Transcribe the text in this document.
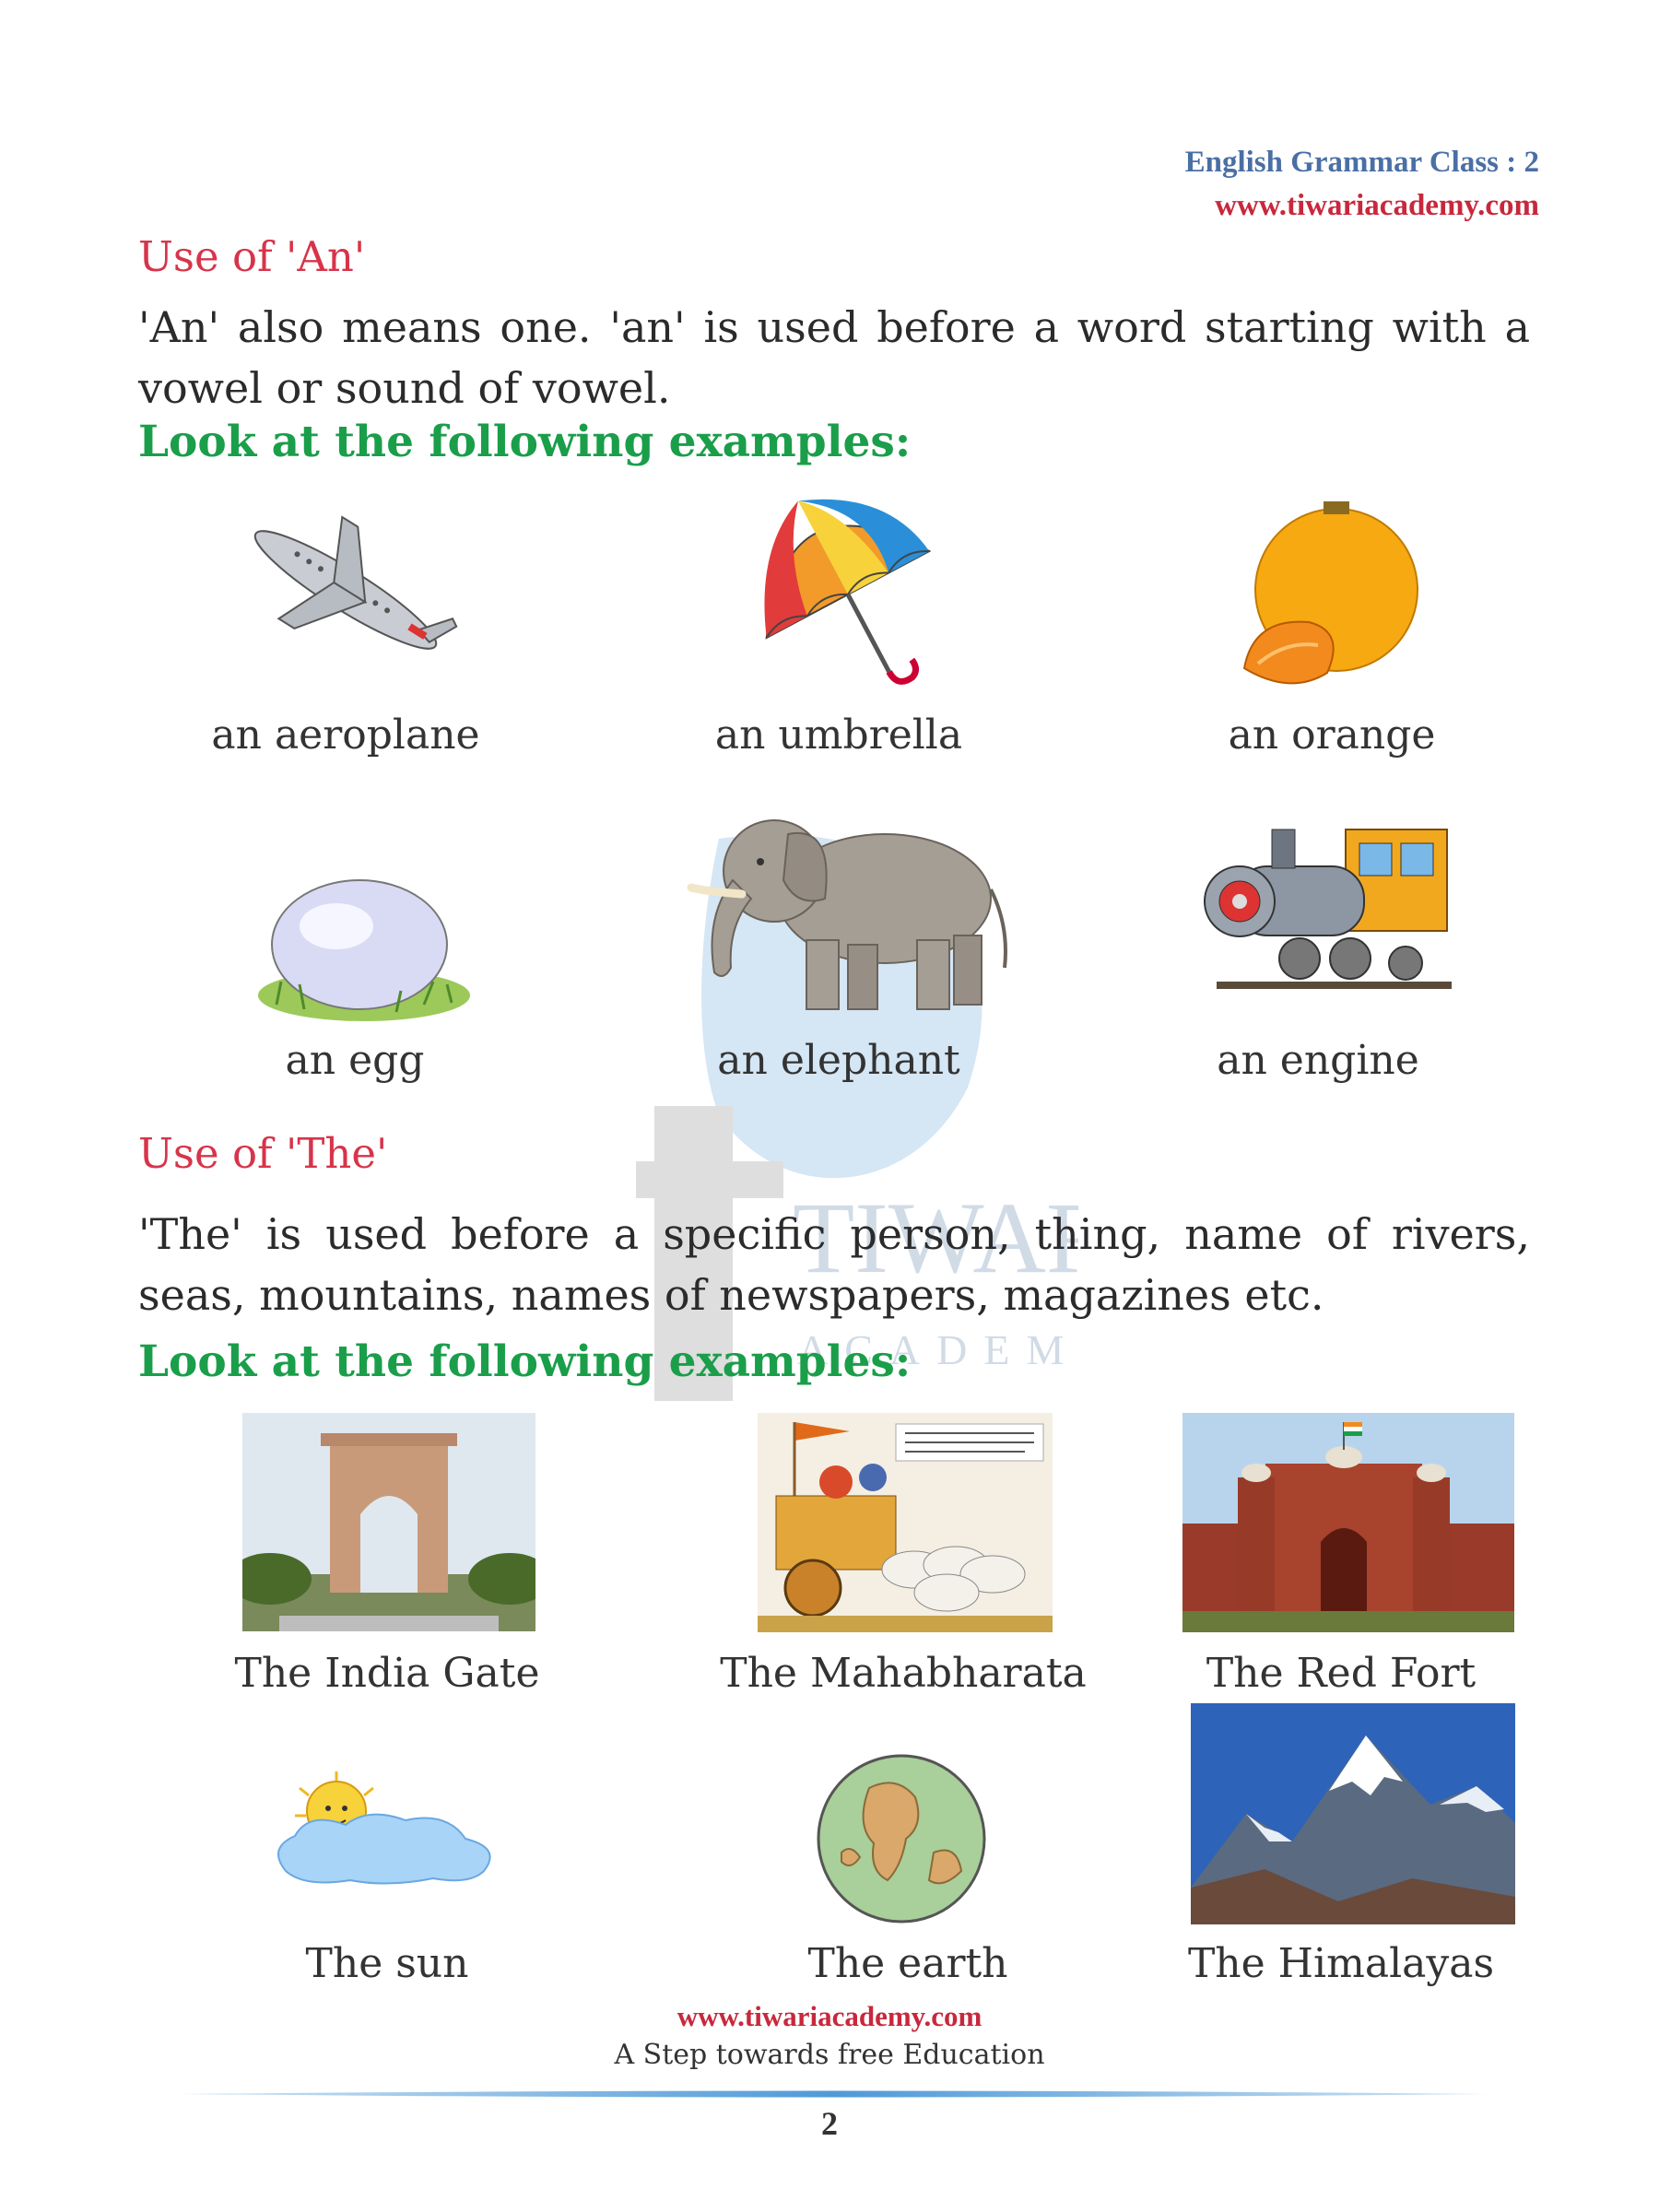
TIWA
ACADEM
English Grammar Class : 2
www.tiwariacademy.com
Use of 'An'
'An' also means one. 'an' is used before a word starting with a vowel or sound of vowel.
Look at the following examples:
an aeroplane	an umbrella	an orange
an egg	an elephant	an engine
Use of 'The'
'The' is used before a specific person, thing, name of rivers, seas, mountains, names of newspapers, magazines etc.
Look at the following examples:
The India Gate	The Mahabharata	The Red Fort
The sun	The earth	The Himalayas
www.tiwariacademy.com
A Step towards free Education
2
